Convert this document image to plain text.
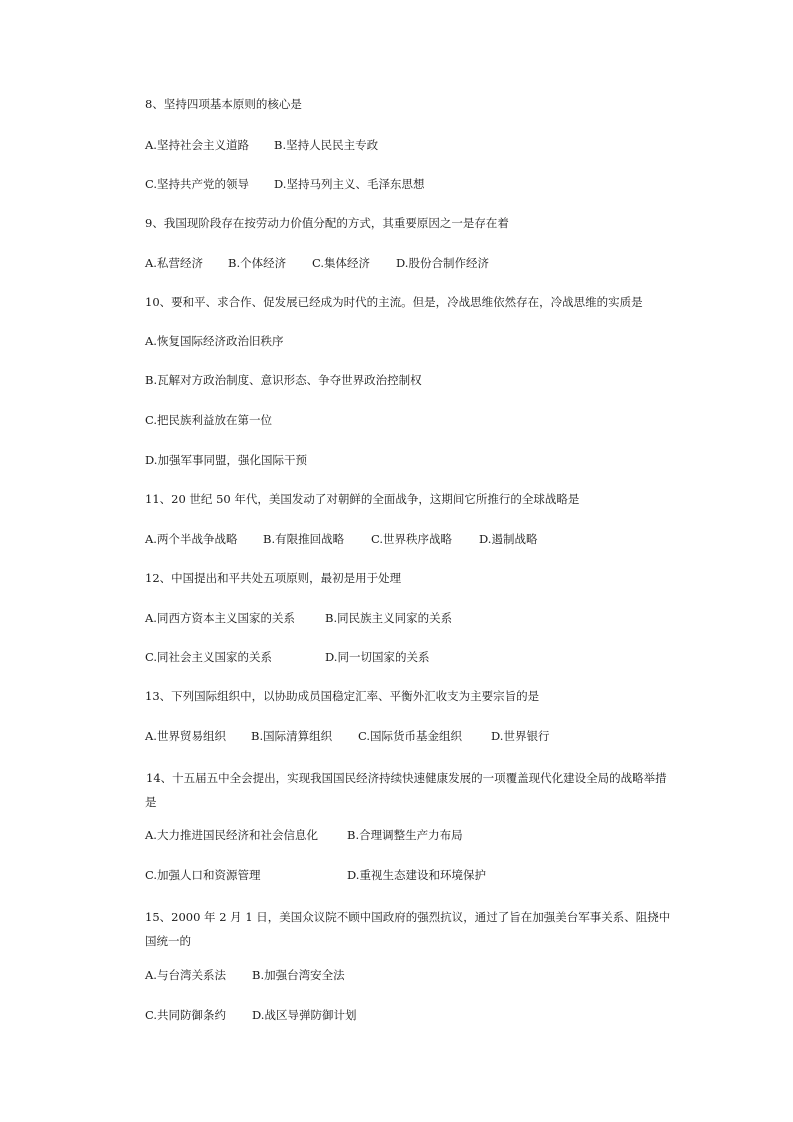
8、坚持四项基本原则的核心是
A.坚持社会主义道路 B.坚持人民民主专政
C.坚持共产党的领导 D.坚持马列主义、毛泽东思想
9、我国现阶段存在按劳动力价值分配的方式，其重要原因之一是存在着
A.私营经济 B.个体经济 C.集体经济 D.股份合制作经济
10、要和平、求合作、促发展已经成为时代的主流。但是，冷战思维依然存在，冷战思维的实质是
A.恢复国际经济政治旧秩序
B.瓦解对方政治制度、意识形态、争夺世界政治控制权
C.把民族利益放在第一位
D.加强军事同盟，强化国际干预
11、20 世纪 50 年代，美国发动了对朝鲜的全面战争，这期间它所推行的全球战略是
A.两个半战争战略 B.有限推回战略 C.世界秩序战略 D.遏制战略
12、中国提出和平共处五项原则，最初是用于处理
A.同西方资本主义国家的关系	B.同民族主义同家的关系
C.同社会主义国家的关系	D.同一切国家的关系
13、下列国际组织中，以协助成员国稳定汇率、平衡外汇收支为主要宗旨的是
A.世界贸易组织 B.国际清算组织 C.国际货币基金组织	D.世界银行
14、十五届五中全会提出，实现我国国民经济持续快速健康发展的一项覆盖现代化建设全局的战略举措是
A.大力推进国民经济和社会信息化	B.合理调整生产力布局
C.加强人口和资源管理	D.重视生态建设和环境保护
15、2000 年 2 月 1 日，美国众议院不顾中国政府的强烈抗议，通过了旨在加强美台军事关系、阻挠中国统一的
A.与台湾关系法 B.加强台湾安全法
C.共同防御条约 D.战区导弹防御计划
